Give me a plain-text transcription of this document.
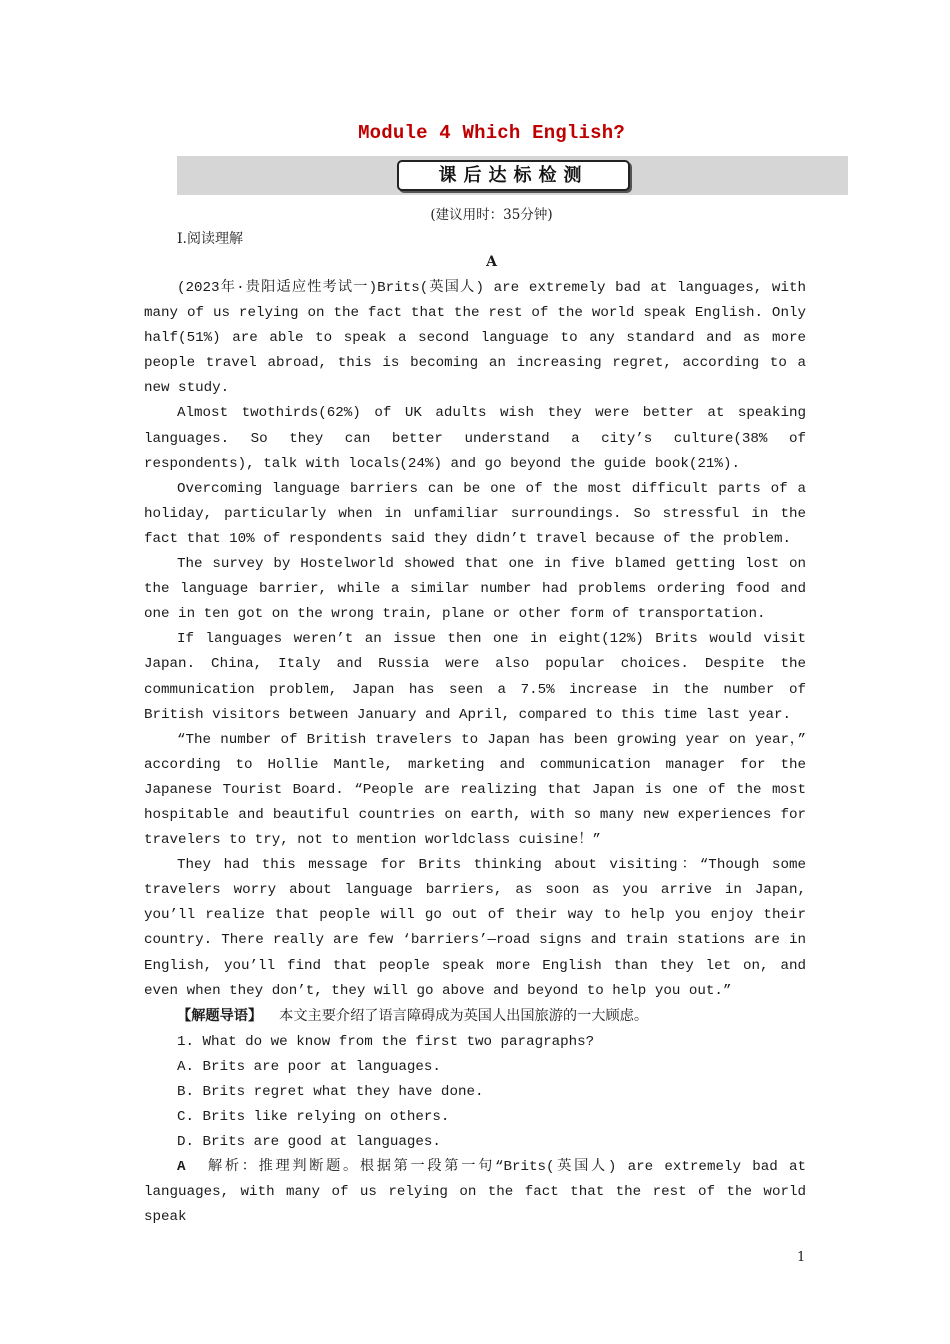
Module 4 Which English?
课后达标检测
(建议用时：35分钟)
Ⅰ.阅读理解
A

(2023年·贵阳适应性考试一)Brits(英国人) are extremely bad at languages, with many of us relying on the fact that the rest of the world speak English. Only half(51%) are able to speak a second language to any standard and as more people travel abroad, this is becoming an increasing regret, according to a new study.

Almost twothirds(62%) of UK adults wish they were better at speaking languages. So they can better understand a city’s culture(38% of respondents), talk with locals(24%) and go beyond the guide book(21%).

Overcoming language barriers can be one of the most difficult parts of a holiday, particularly when in unfamiliar surroundings. So stressful in the fact that 10% of respondents said they didn’t travel because of the problem.

The survey by Hostelworld showed that one in five blamed getting lost on the language barrier, while a similar number had problems ordering food and one in ten got on the wrong train, plane or other form of transportation.

If languages weren’t an issue then one in eight(12%) Brits would visit Japan. China, Italy and Russia were also popular choices. Despite the communication problem, Japan has seen a 7.5% increase in the number of British visitors between January and April, compared to this time last year.

“The number of British travelers to Japan has been growing year on year，” according to Hollie Mantle, marketing and communication manager for the Japanese Tourist Board. “People are realizing that Japan is one of the most hospitable and beautiful countries on earth, with so many new experiences for travelers to try, not to mention worldclass cuisine！”

They had this message for Brits thinking about visiting：“Though some travelers worry about language barriers, as soon as you arrive in Japan, you’ll realize that people will go out of their way to help you enjoy their country. There really are few ‘barriers’—road signs and train stations are in English, you’ll find that people speak more English than they let on, and even when they don’t, they will go above and beyond to help you out.”

【解题导语】 本文主要介绍了语言障碍成为英国人出国旅游的一大顾虑。

1. What do we know from the first two paragraphs?
A. Brits are poor at languages.
B. Brits regret what they have done.
C. Brits like relying on others.
D. Brits are good at languages.

A 解析：推理判断题。根据第一段第一句“Brits(英国人) are extremely bad at languages, with many of us relying on the fact that the rest of the world speak

1
